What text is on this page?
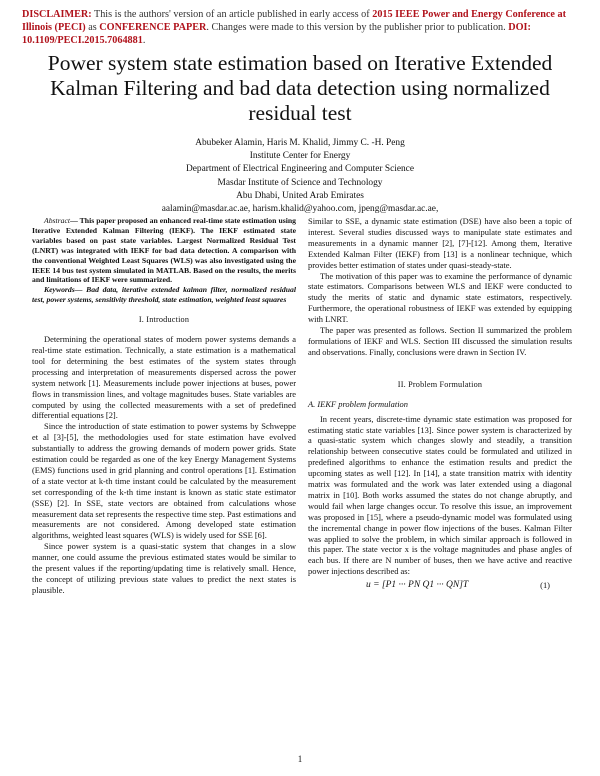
DISCLAIMER: This is the authors' version of an article published in early access of 2015 IEEE Power and Energy Conference at Illinois (PECI) as CONFERENCE PAPER. Changes were made to this version by the publisher prior to publication. DOI: 10.1109/PECI.2015.7064881.
Power system state estimation based on Iterative Extended Kalman Filtering and bad data detection using normalized residual test
Abubeker Alamin, Haris M. Khalid, Jimmy C. -H. Peng
Institute Center for Energy
Department of Electrical Engineering and Computer Science
Masdar Institute of Science and Technology
Abu Dhabi, United Arab Emirates
aalamin@masdar.ac.ae, harism.khalid@yahoo.com, jpeng@masdar.ac.ae,

Abstract— This paper proposed an enhanced real-time state estimation using Iterative Extended Kalman Filtering (IEKF). The IEKF estimated state variables based on past state variables. Largest Normalized Residual Test (LNRT) was integrated with IEKF for bad data detection. A comparison with the conventional Weighted Least Squares (WLS) was also investigated using the IEEE 14 bus test system simulated in MATLAB. Based on the results, the merits and limitations of IEKF were summarized.

Keywords— Bad data, iterative extended kalman filter, normalized residual test, power systems, sensitivity threshold, state estimation, weighted least squares

I. Introduction

Determining the operational states of modern power systems demands a real-time state estimation. Technically, a state estimation is a mathematical tool for determining the best estimates of the system states through processing and interpretation of measurements dispersed across the power system network [1]. Measurements include power injections at buses, power flows in transmission lines, and voltage magnitudes buses. State variables are computed by using the collected measurements with a set of predefined differential equations [2].

Since the introduction of state estimation to power systems by Schweppe et al [3]-[5], the methodologies used for state estimation have evolved substantially to address the growing demands of modern power grids. State estimation could be regarded as one of the key Energy Management Systems (EMS) functions used in grid planning and control operations [1]. Estimation of a state vector at k-th time instant could be calculated by the measurement set corresponding of the k-th time instant is known as static state estimator (SSE) [2]. In SSE, state vectors are obtained from calculations whose measurement data set represents the respective time step. Past estimations and measurements are not considered. Among developed state estimation algorithms, weighted least squares (WLS) is widely used for SSE [6].

Since power system is a quasi-static system that changes in a slow manner, one could assume the previous estimated states would be similar to the present values if the reporting/updating time is relatively small. Hence, the concept of utilizing previous state values to predict the next states is plausible.

Similar to SSE, a dynamic state estimation (DSE) have also been a topic of interest. Several studies discussed ways to manipulate state estimates and measurements in a dynamic manner [2], [7]-[12]. Among them, Iterative Extended Kalman Filter (IEKF) from [13] is a nonlinear technique, which provides better estimation of states under quasi-steady-state.

The motivation of this paper was to examine the performance of dynamic state estimators. Comparisons between WLS and IEKF were conducted to study the merits of static and dynamic state estimators, respectively. Furthermore, the operational robustness of IEKF was extended by equipping with LNRT.

The paper was presented as follows. Section II summarized the problem formulations of IEKF and WLS. Section III discussed the simulation results and observations. Finally, conclusions were drawn in Section IV.

II. Problem Formulation

A. IEKF problem formulation

In recent years, discrete-time dynamic state estimation was proposed for estimating static state variables [13]. Since power system is characterized by a quasi-static system which changes slowly and steadily, a transition relationship between consecutive states could be formulated and utilized in predefined algorithms to enhance the estimation results and predict the upcoming states as well [12]. In [14], a state transition matrix with identity matrix was formulated and the work was later extended using a diagonal matrix in [10]. Both works assumed the states do not change abruptly, and would fail when large changes occur. To resolve this issue, an improvement was proposed in [15], where a pseudo-dynamic model was formulated using the incremental change in power flow injections of the buses. Kalman Filter was applied to solve the problem, in which similar approach is followed in this paper. The state vector x is the voltage magnitudes and phase angles of each bus. If there are N number of buses, then we have active and reactive power injections described as:

u = [P1 ··· PN Q1 ··· QN]T	(1)

1
